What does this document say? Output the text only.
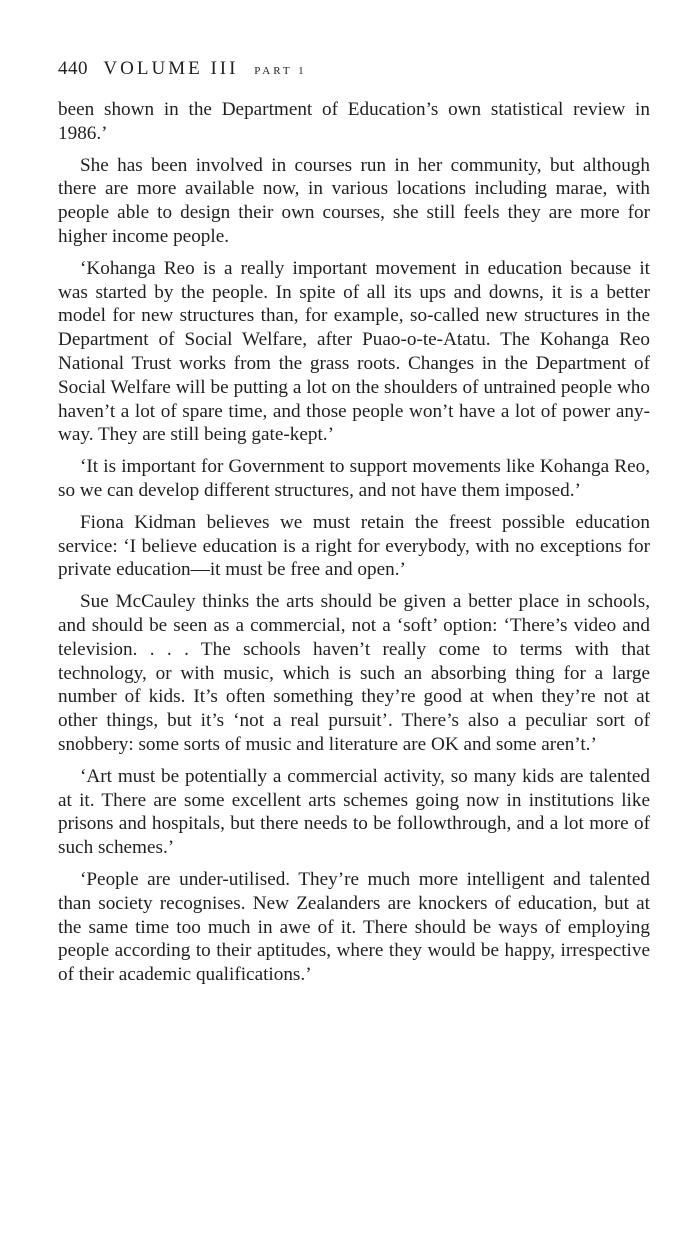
440 VOLUME III PART 1

been shown in the Department of Education’s own statistical review in 1986.’

She has been involved in courses run in her community, but although there are more available now, in various locations including marae, with people able to design their own courses, she still feels they are more for higher income people.

‘Kohanga Reo is a really important movement in education because it was started by the people. In spite of all its ups and downs, it is a better model for new structures than, for example, so-called new structures in the Department of Social Welfare, after Puao-o-te-Atatu. The Kohanga Reo National Trust works from the grass roots. Changes in the Department of Social Welfare will be putting a lot on the shoulders of untrained people who haven’t a lot of spare time, and those people won’t have a lot of power anyway. They are still being gate-kept.’

‘It is important for Government to support movements like Kohanga Reo, so we can develop different structures, and not have them imposed.’

Fiona Kidman believes we must retain the freest possible education service: ‘I believe education is a right for everybody, with no exceptions for private education—it must be free and open.’

Sue McCauley thinks the arts should be given a better place in schools, and should be seen as a commercial, not a ‘soft’ option: ‘There’s video and television. . . . The schools haven’t really come to terms with that technology, or with music, which is such an absorbing thing for a large number of kids. It’s often something they’re good at when they’re not at other things, but it’s ‘not a real pursuit’. There’s also a peculiar sort of snobbery: some sorts of music and literature are OK and some aren’t.’

‘Art must be potentially a commercial activity, so many kids are talented at it. There are some excellent arts schemes going now in institutions like prisons and hospitals, but there needs to be followthrough, and a lot more of such schemes.’

‘People are under-utilised. They’re much more intelligent and talented than society recognises. New Zealanders are knockers of education, but at the same time too much in awe of it. There should be ways of employing people according to their aptitudes, where they would be happy, irrespective of their academic qualifications.’
